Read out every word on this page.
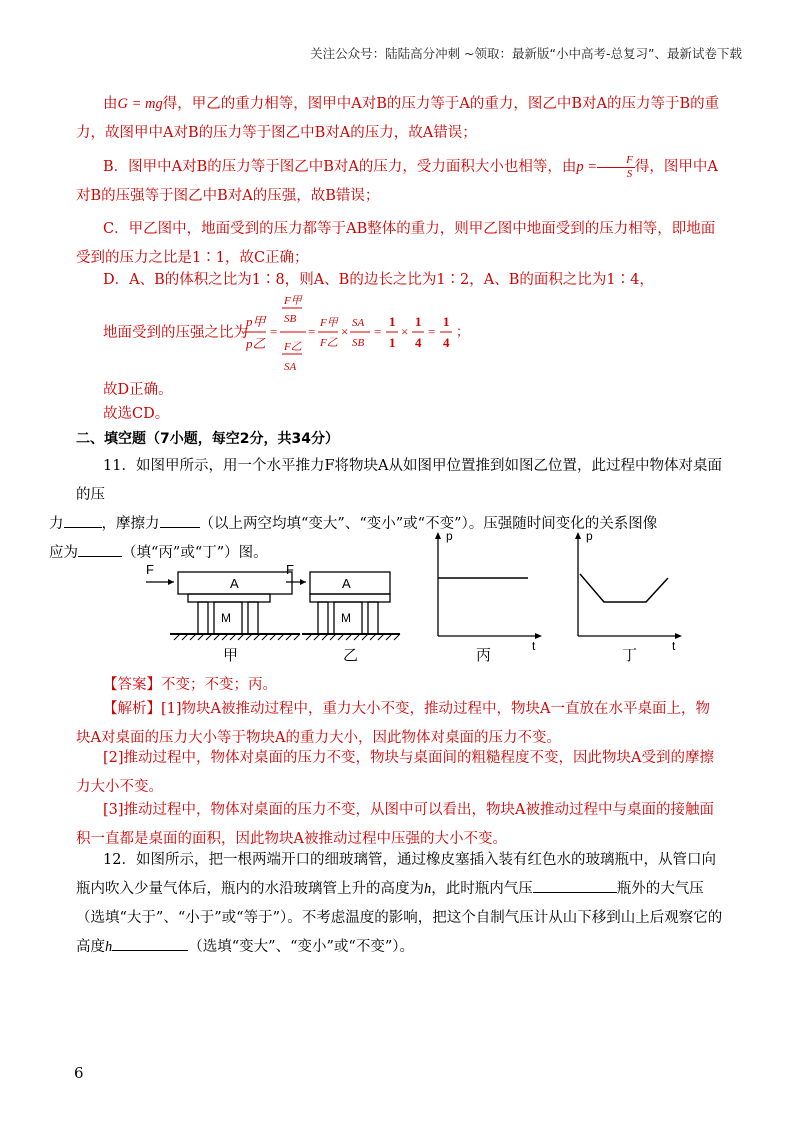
关注公众号：陆陆高分冲刺 ~领取：最新版“小中高考-总复习”、最新试卷下载
由G = mg得，甲乙的重力相等，图甲中A对B的压力等于A的重力，图乙中B对A的压力等于B的重力，故图甲中A对B的压力等于图乙中B对A的压力，故A错误；
B．图甲中A对B的压力等于图乙中B对A的压力，受力面积大小也相等，由$p = \frac{F}{S}$ 得，图甲中A对B的压强等于图乙中B对A的压强，故B错误；
C．甲乙图中，地面受到的压力都等于AB整体的重力，则甲乙图中地面受到的压力相等，即地面受到的压力之比是1∶1，故C正确；
D．A、B的体积之比为1∶8，则A、B的边长之比为1∶2，A、B的面积之比为1∶4，
地面受到的压强之比为
p甲
p乙
=
F甲
SB
F乙
SA
=
F甲
F乙
×
SA
SB
=
1
1
×
1
4
=
1
4
；
故D正确。
故选CD。
二、填空题（7小题，每空2分，共34分）
11．如图甲所示，用一个水平推力F将物块A从如图甲位置推到如图乙位置，此过程中物体对桌面的压
力	，摩擦力	（以上两空均填“变大”、“变小”或“不变”）。压强随时间变化的关系图像
应为	（填“丙”或“丁”）图。
F
A
M
甲
F
A
M
乙
p
t
丙
p
t
丁
【答案】不变；不变；丙。
【解析】[1]物块A被推动过程中，重力大小不变，推动过程中，物块A一直放在水平桌面上，物块A对桌面的压力大小等于物块A的重力大小，因此物体对桌面的压力不变。
[2]推动过程中，物体对桌面的压力不变，物块与桌面间的粗糙程度不变，因此物块A受到的摩擦力大小不变。
[3]推动过程中，物体对桌面的压力不变，从图中可以看出，物块A被推动过程中与桌面的接触面积一直都是桌面的面积，因此物块A被推动过程中压强的大小不变。
12．如图所示，把一根两端开口的细玻璃管，通过橡皮塞插入装有红色水的玻璃瓶中，从管口向瓶内吹入少量气体后，瓶内的水沿玻璃管上升的高度为h，此时瓶内气压	瓶外的大气压（选填“大于”、“小于”或“等于”）。不考虑温度的影响，把这个自制气压计从山下移到山上后观察它的高度h	（选填“变大”、“变小”或“不变”）。
6
